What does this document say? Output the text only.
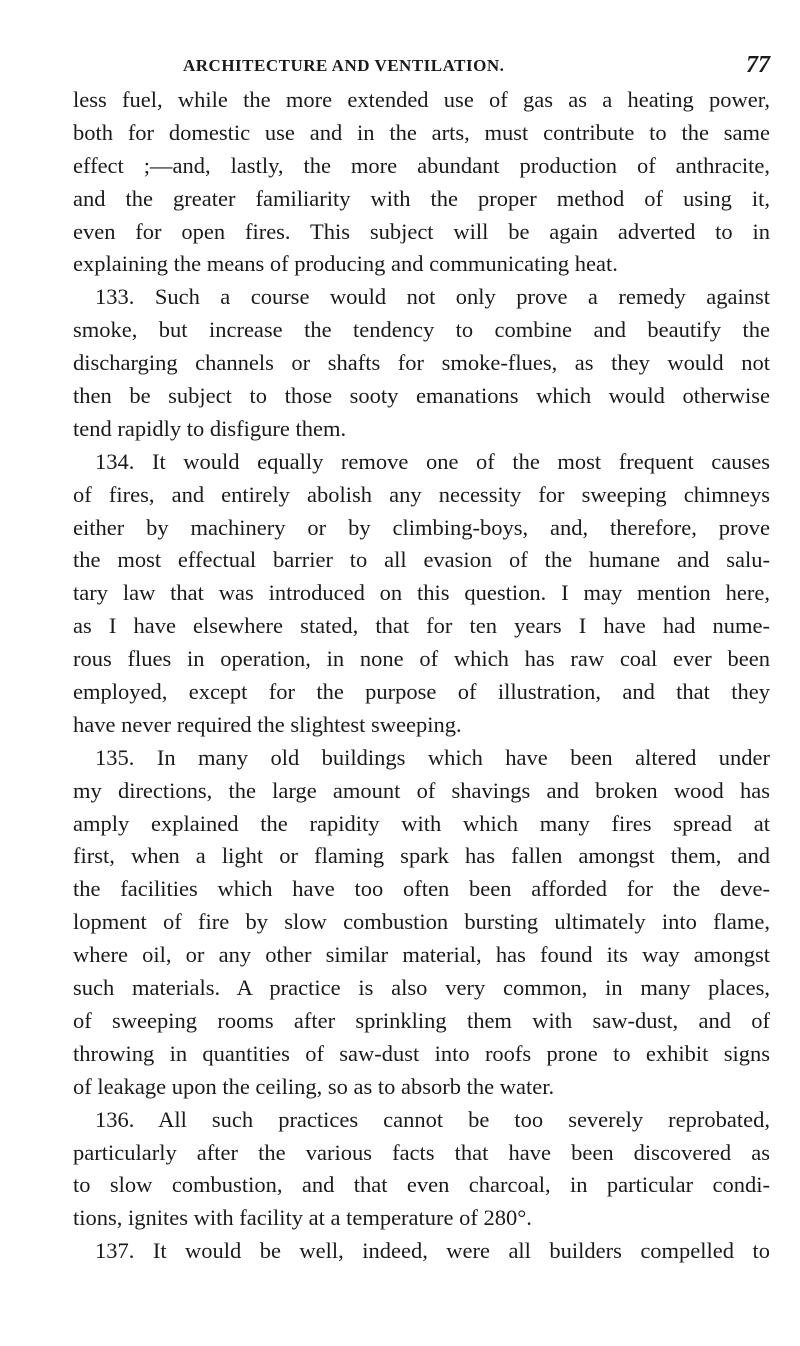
ARCHITECTURE AND VENTILATION.	77
less fuel, while the more extended use of gas as a heating power,
both for domestic use and in the arts, must contribute to the same
effect ;—and, lastly, the more abundant production of anthracite,
and the greater familiarity with the proper method of using it,
even for open fires. This subject will be again adverted to in
explaining the means of producing and communicating heat.
133. Such a course would not only prove a remedy against
smoke, but increase the tendency to combine and beautify the
discharging channels or shafts for smoke-flues, as they would not
then be subject to those sooty emanations which would otherwise
tend rapidly to disfigure them.
134. It would equally remove one of the most frequent causes
of fires, and entirely abolish any necessity for sweeping chimneys
either by machinery or by climbing-boys, and, therefore, prove
the most effectual barrier to all evasion of the humane and salu-
tary law that was introduced on this question. I may mention here,
as I have elsewhere stated, that for ten years I have had nume-
rous flues in operation, in none of which has raw coal ever been
employed, except for the purpose of illustration, and that they
have never required the slightest sweeping.
135. In many old buildings which have been altered under
my directions, the large amount of shavings and broken wood has
amply explained the rapidity with which many fires spread at
first, when a light or flaming spark has fallen amongst them, and
the facilities which have too often been afforded for the deve-
lopment of fire by slow combustion bursting ultimately into flame,
where oil, or any other similar material, has found its way amongst
such materials. A practice is also very common, in many places,
of sweeping rooms after sprinkling them with saw-dust, and of
throwing in quantities of saw-dust into roofs prone to exhibit signs
of leakage upon the ceiling, so as to absorb the water.
136. All such practices cannot be too severely reprobated,
particularly after the various facts that have been discovered as
to slow combustion, and that even charcoal, in particular condi-
tions, ignites with facility at a temperature of 280°.
137. It would be well, indeed, were all builders compelled to
